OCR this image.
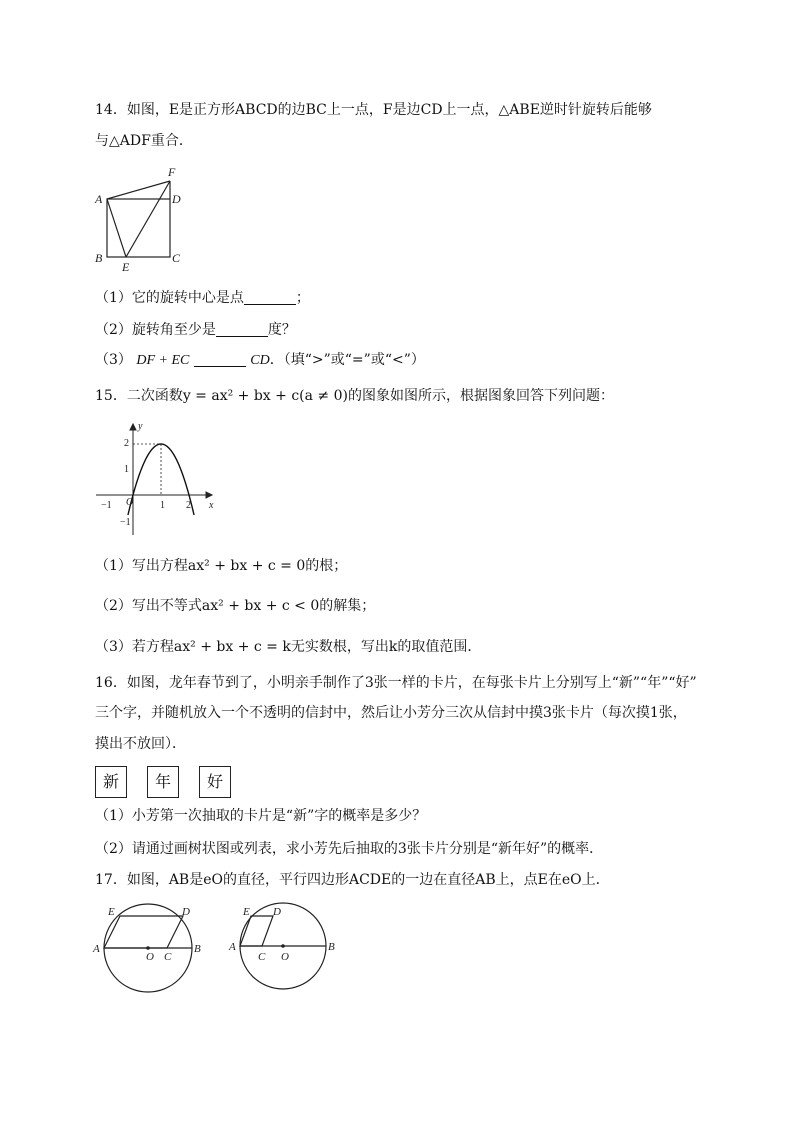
14．如图，E是正方形ABCD的边BC上一点，F是边CD上一点，△ABE逆时针旋转后能够
与△ADF重合．
A
B	C
D
E
F
（1）它的旋转中心是点	；
（2）旋转角至少是	度？
（3） DF + EC	CD．（填“>”或“=”或“<”）
15．二次函数y = ax² + bx + c(a ≠ 0)的图象如图所示，根据图象回答下列问题：
y
x
O
−1	1 2
2
1
−1
（1）写出方程ax² + bx + c = 0的根；
（2）写出不等式ax² + bx + c < 0的解集；
（3）若方程ax² + bx + c = k无实数根，写出k的取值范围．
16．如图，龙年春节到了，小明亲手制作了3张一样的卡片，在每张卡片上分别写上“新”“年”“好”
三个字，并随机放入一个不透明的信封中，然后让小芳分三次从信封中摸3张卡片（每次摸1张，
摸出不放回）．
新	年	好
（1）小芳第一次抽取的卡片是“新”字的概率是多少？
（2）请通过画树状图或列表，求小芳先后抽取的3张卡片分别是“新年好”的概率．
17．如图，AB是eO的直径，平行四边形ACDE的一边在直径AB上，点E在eO上．
E	D
A
O C
B
E D
A
C O
B
